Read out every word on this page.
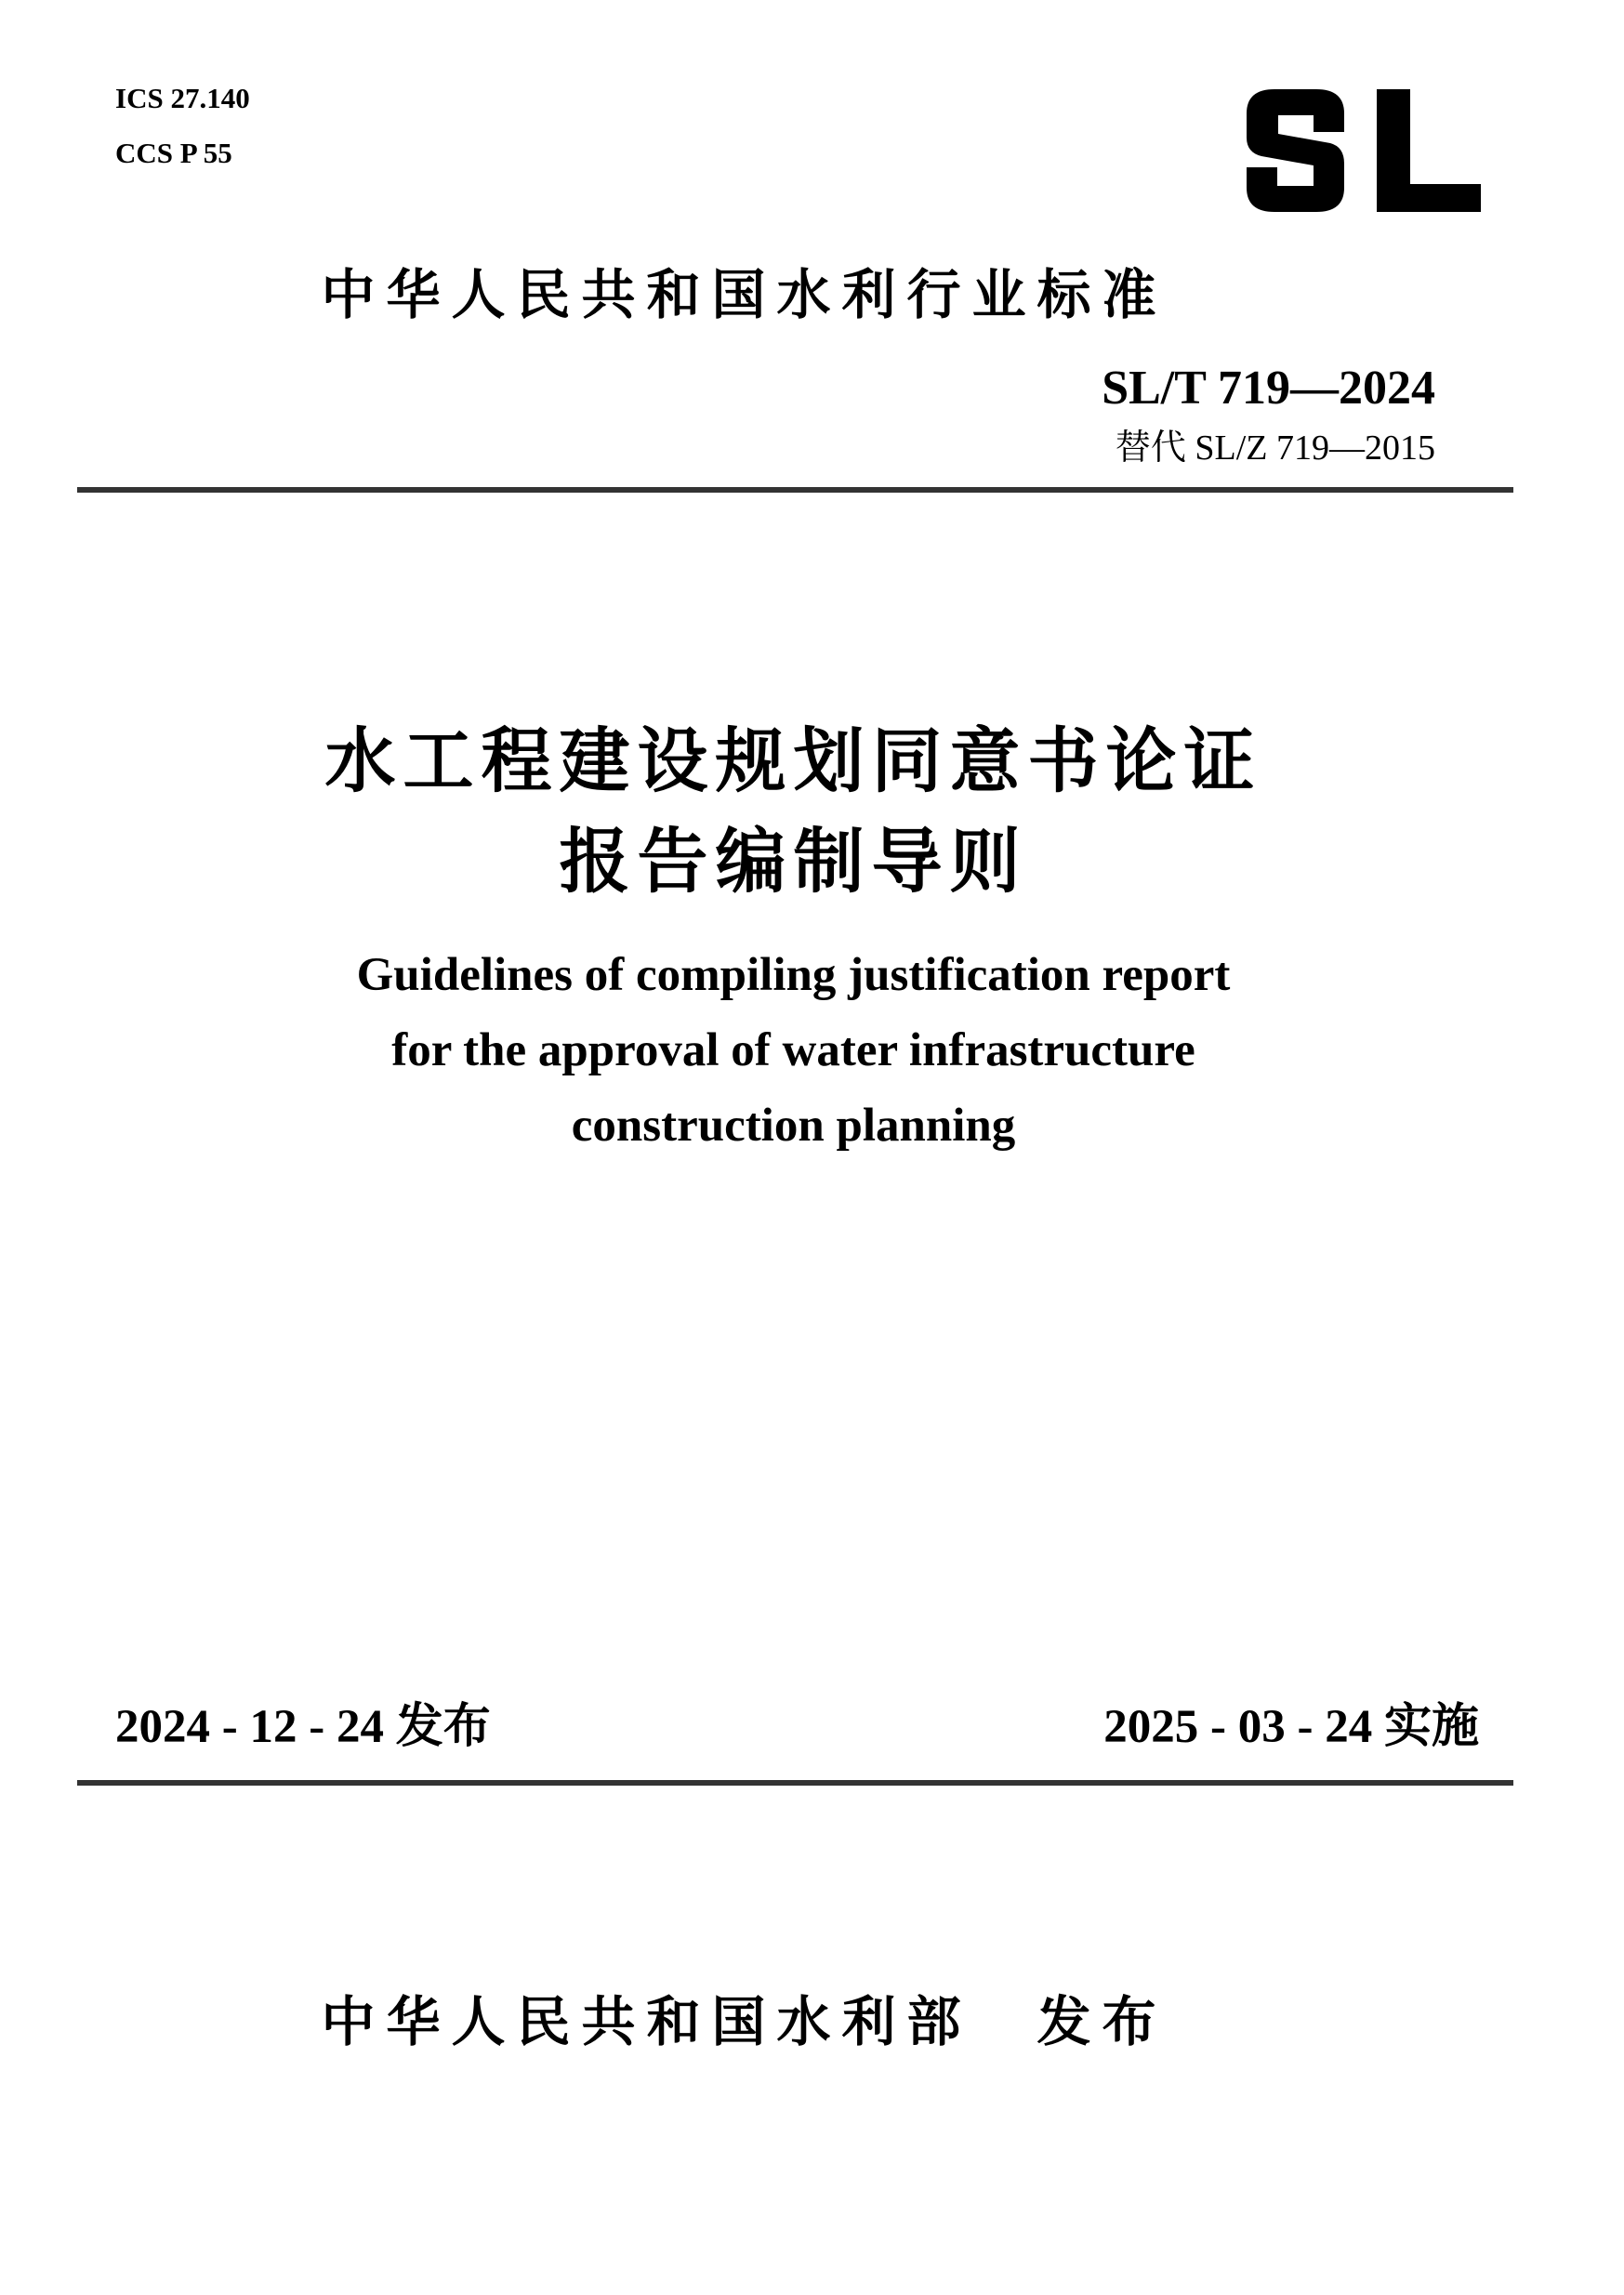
ICS 27.140
CCS P 55
中华人民共和国水利行业标准
SL/T 719—2024
替代 SL/Z 719—2015
水工程建设规划同意书论证
报告编制导则
Guidelines of compiling justification report
for the approval of water infrastructure
construction planning
2024 - 12 - 24 发布	2025 - 03 - 24 实施
中华人民共和国水利部　发布
